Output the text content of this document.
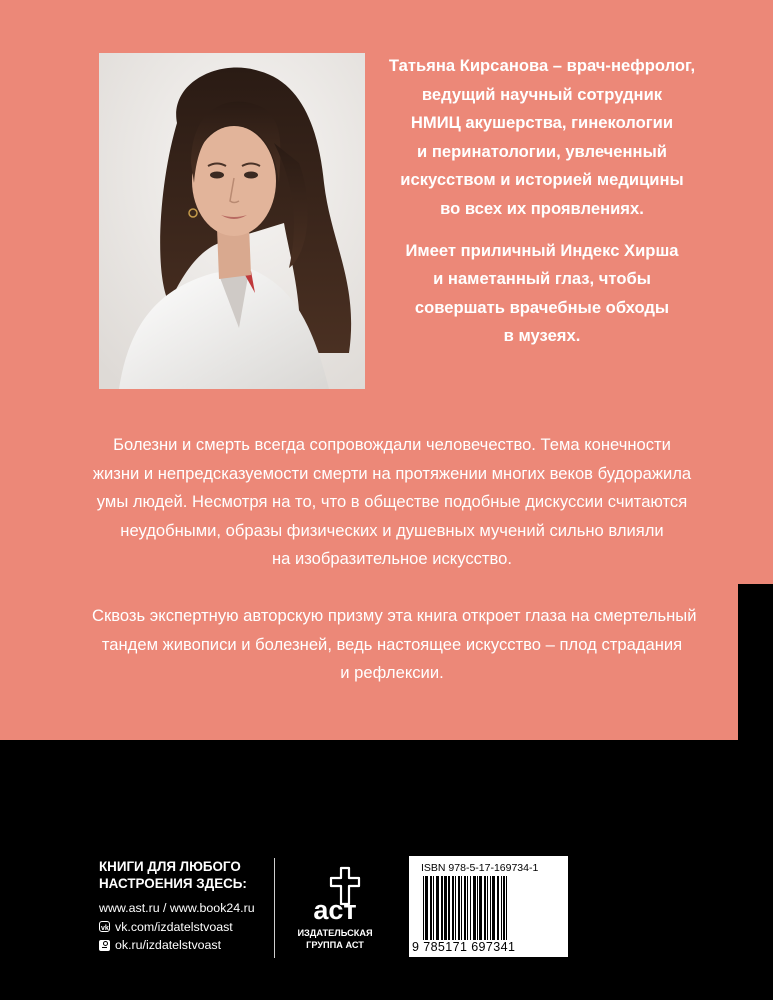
Татьяна Кирсанова – врач-нефролог,
ведущий научный сотрудник
НМИЦ акушерства, гинекологии
и перинатологии, увлеченный
искусством и историей медицины
во всех их проявлениях.

Имеет приличный Индекс Хирша
и наметанный глаз, чтобы
совершать врачебные обходы
в музеях.

Болезни и смерть всегда сопровождали человечество. Тема конечности
жизни и непредсказуемости смерти на протяжении многих веков будоражила
умы людей. Несмотря на то, что в обществе подобные дискуссии считаются
неудобными, образы физических и душевных мучений сильно влияли
на изобразительное искусство.

Сквозь экспертную авторскую призму эта книга откроет глаза на смертельный
тандем живописи и болезней, ведь настоящее искусство – плод страдания
и рефлексии.

КНИГИ ДЛЯ ЛЮБОГО
НАСТРОЕНИЯ ЗДЕСЬ:
www.ast.ru / www.book24.ru
vk
vk.com/izdatelstvoast
ok.ru/izdatelstvoast
аст
ИЗДАТЕЛЬСКАЯ
ГРУППА АСТ
ISBN 978-5-17-169734-1
9 785171 697341
